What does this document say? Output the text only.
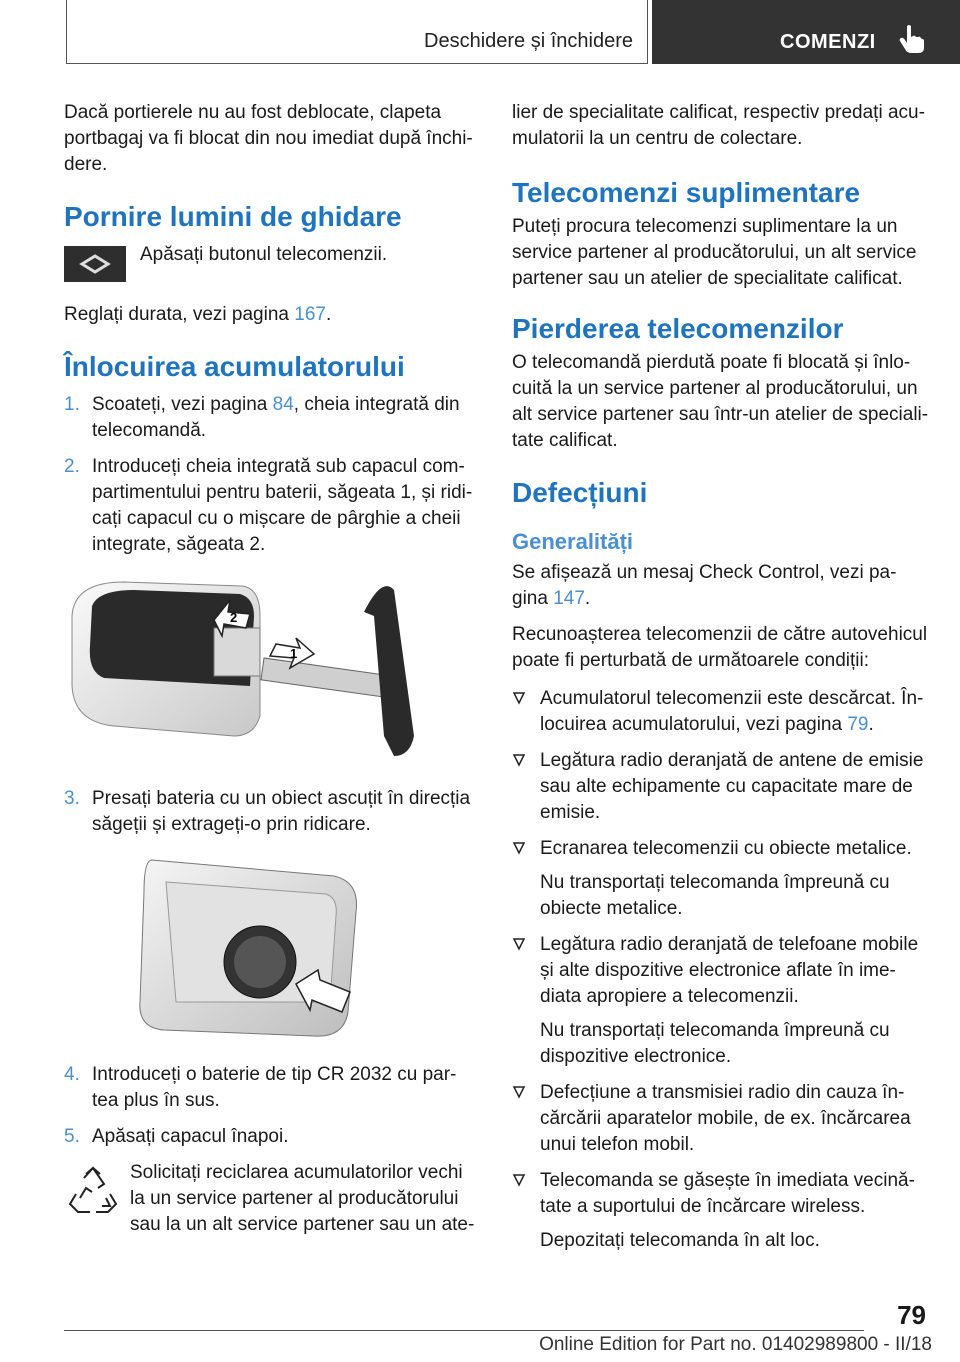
Deschidere și închidere	COMENZI

Dacă portierele nu au fost deblocate, clapeta portbagaj va fi blocat din nou imediat după închi-dere.

Pornire lumini de ghidare
Apăsați butonul telecomenzii.

Reglați durata, vezi pagina 167.

Înlocuirea acumulatorului
1. Scoateți, vezi pagina 84, cheia integrată din telecomandă.
2. Introduceți cheia integrată sub capacul com-partimentului pentru baterii, săgeata 1, și ridi-cați capacul cu o mișcare de pârghie a cheii integrate, săgeata 2.
1
2
3. Presați bateria cu un obiect ascuțit în direcția săgeții și extrageți-o prin ridicare.
4. Introduceți o baterie de tip CR 2032 cu par-tea plus în sus.
5. Apăsați capacul înapoi.
Solicitați reciclarea acumulatorilor vechi la un service partener al producătorului sau la un alt service partener sau un ate-

lier de specialitate calificat, respectiv predați acu-mulatorii la un centru de colectare.

Telecomenzi suplimentare

Puteți procura telecomenzi suplimentare la un service partener al producătorului, un alt service partener sau un atelier de specialitate calificat.

Pierderea telecomenzilor

O telecomandă pierdută poate fi blocată și înlo-cuită la un service partener al producătorului, un alt service partener sau într-un atelier de speciali-tate calificat.

Defecțiuni
Generalități

Se afișează un mesaj Check Control, vezi pa-gina 147.

Recunoașterea telecomenzii de către autovehicul poate fi perturbată de următoarele condiții:

Acumulatorul telecomenzii este descărcat. În-locuirea acumulatorului, vezi pagina 79.
Legătura radio deranjată de antene de emisie sau alte echipamente cu capacitate mare de emisie.
Ecranarea telecomenzii cu obiecte metalice.
Nu transportați telecomanda împreună cu obiecte metalice.
Legătura radio deranjată de telefoane mobile și alte dispozitive electronice aflate în ime-diata apropiere a telecomenzii.
Nu transportați telecomanda împreună cu dispozitive electronice.
Defecțiune a transmisiei radio din cauza în-cărcării aparatelor mobile, de ex. încărcarea unui telefon mobil.
Telecomanda se găsește în imediata vecină-tate a suportului de încărcare wireless.
Depozitați telecomanda în alt loc.
79
Online Edition for Part no. 01402989800 - II/18
